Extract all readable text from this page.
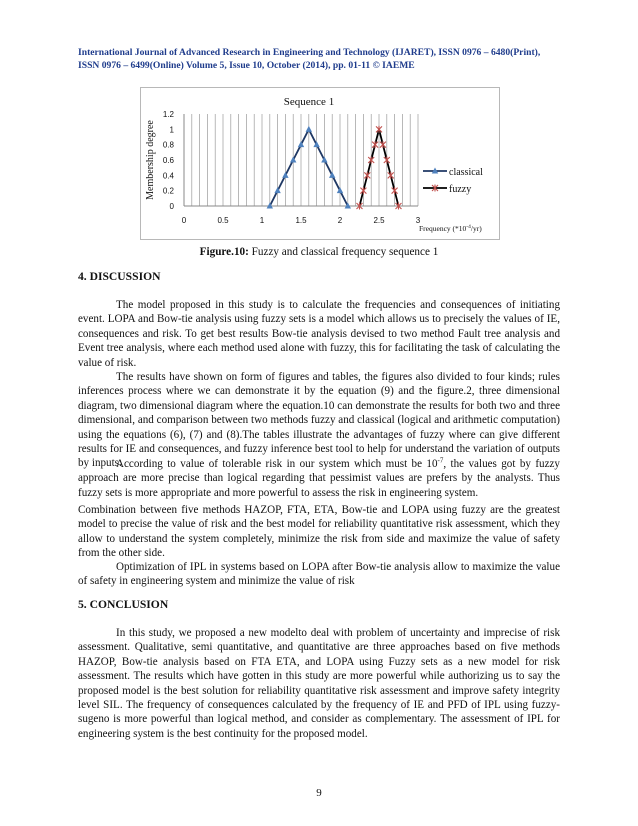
International Journal of Advanced Research in Engineering and Technology (IJARET), ISSN 0976 – 6480(Print),
ISSN 0976 – 6499(Online) Volume 5, Issue 10, October (2014), pp. 01-11 © IAEME
Sequence 1
0
0.2
0.4
0.6
0.8
1
1.2
0	0.5	1	1.5	2	2.5	3
Membership degree
Frequency $(*10^{-4}/yr)$
classical
fuzzy
Figure.10: Fuzzy and classical frequency sequence 1
4. DISCUSSION

The model proposed in this study is to calculate the frequencies and consequences of initiating event. LOPA and Bow-tie analysis using fuzzy sets is a model which allows us to precisely the values of IE, consequences and risk. To get best results Bow-tie analysis devised to two method Fault tree analysis and Event tree analysis, where each method used alone with fuzzy, this for facilitating the task of calculating the value of risk.

The results have shown on form of figures and tables, the figures also divided to four kinds; rules inferences process where we can demonstrate it by the equation (9) and the figure.2, three dimensional diagram, two dimensional diagram where the equation.10 can demonstrate the results for both two and three dimensional, and comparison between two methods fuzzy and classical (logical and arithmetic computation) using the equations (6), (7) and (8).The tables illustrate the advantages of fuzzy where can give different results for IE and consequences, and fuzzy inference best tool to help for understand the variation of outputs by inputs.

According to value of tolerable risk in our system which must be $10^{-7}$, the values got by fuzzy approach are more precise than logical regarding that pessimist values are prefers by the analysts. Thus fuzzy sets is more appropriate and more powerful to assess the risk in engineering system.

Combination between five methods HAZOP, FTA, ETA, Bow-tie and LOPA using fuzzy are the greatest model to precise the value of risk and the best model for reliability quantitative risk assessment, which they allow to understand the system completely, minimize the risk from side and maximize the value of safety from the other side.

Optimization of IPL in systems based on LOPA after Bow-tie analysis allow to maximize the value of safety in engineering system and minimize the value of risk

5. CONCLUSION

In this study, we proposed a new modelto deal with problem of uncertainty and imprecise of risk assessment. Qualitative, semi quantitative, and quantitative are three approaches based on five methods HAZOP, Bow-tie analysis based on FTA ETA, and LOPA using Fuzzy sets as a new model for risk assessment. The results which have gotten in this study are more powerful while authorizing us to say the proposed model is the best solution for reliability quantitative risk assessment and improve safety integrity level SIL. The frequency of consequences calculated by the frequency of IE and PFD of IPL using fuzzy-sugeno is more powerful than logical method, and consider as complementary. The assessment of IPL for engineering system is the best continuity for the proposed model.

9
